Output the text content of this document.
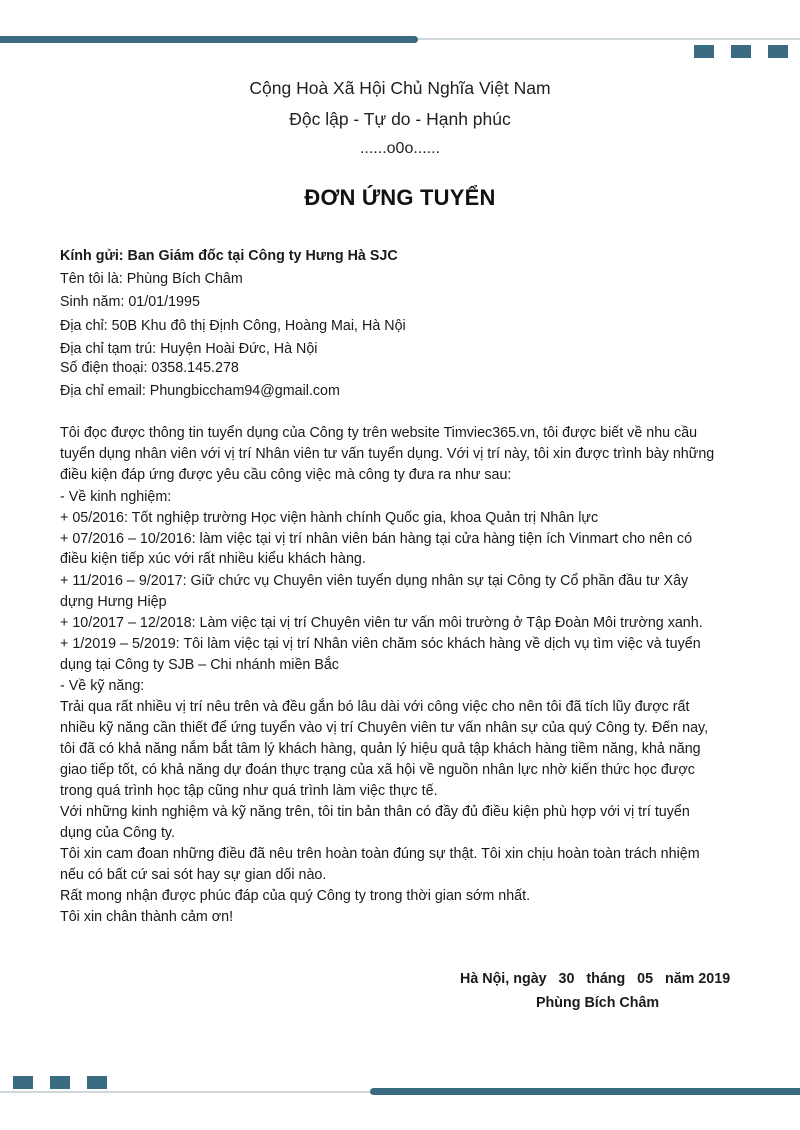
Cộng Hoà Xã Hội Chủ Nghĩa Việt Nam
Độc lập - Tự do - Hạnh phúc
......o0o......
ĐƠN ỨNG TUYỂN
Kính gửi: Ban Giám đốc tại Công ty Hưng Hà SJC
Tên tôi là: Phùng Bích Châm
Sinh năm: 01/01/1995
Địa chỉ: 50B Khu đô thị Định Công, Hoàng Mai, Hà Nội
Địa chỉ tạm trú: Huyện Hoài Đức, Hà Nội
Số điện thoại: 0358.145.278
Địa chỉ email: Phungbiccham94@gmail.com
Tôi đọc được thông tin tuyển dụng của Công ty trên website Timviec365.vn, tôi được biết về nhu cầu
tuyển dụng nhân viên với vị trí Nhân viên tư vấn tuyển dụng. Với vị trí này, tôi xin được trình bày những
điều kiện đáp ứng được yêu cầu công việc mà công ty đưa ra như sau:
- Về kinh nghiệm:
+ 05/2016: Tốt nghiệp trường Học viện hành chính Quốc gia, khoa Quản trị Nhân lực
+ 07/2016 – 10/2016: làm việc tại vị trí nhân viên bán hàng tại cửa hàng tiện ích Vinmart cho nên có
điều kiện tiếp xúc với rất nhiều kiểu khách hàng.
+ 11/2016 – 9/2017: Giữ chức vụ Chuyên viên tuyển dụng nhân sự tại Công ty Cổ phần đầu tư Xây
dựng Hưng Hiệp
+ 10/2017 – 12/2018: Làm việc tại vị trí Chuyên viên tư vấn môi trường ở Tập Đoàn Môi trường xanh.
+ 1/2019 – 5/2019: Tôi làm việc tại vị trí Nhân viên chăm sóc khách hàng về dịch vụ tìm việc và tuyển
dụng tại Công ty SJB – Chi nhánh miền Bắc
- Về kỹ năng:
Trải qua rất nhiều vị trí nêu trên và đều gắn bó lâu dài với công việc cho nên tôi đã tích lũy được rất
nhiều kỹ năng cần thiết để ứng tuyển vào vị trí Chuyên viên tư vấn nhân sự của quý Công ty. Đến nay,
tôi đã có khả năng nắm bắt tâm lý khách hàng, quản lý hiệu quả tập khách hàng tiềm năng, khả năng
giao tiếp tốt, có khả năng dự đoán thực trạng của xã hội về nguồn nhân lực nhờ kiến thức học được
trong quá trình học tập cũng như quá trình làm việc thực tế.
Với những kinh nghiệm và kỹ năng trên, tôi tin bản thân có đầy đủ điều kiện phù hợp với vị trí tuyển
dụng của Công ty.
Tôi xin cam đoan những điều đã nêu trên hoàn toàn đúng sự thật. Tôi xin chịu hoàn toàn trách nhiệm
nếu có bất cứ sai sót hay sự gian dối nào.
Rất mong nhận được phúc đáp của quý Công ty trong thời gian sớm nhất.
Tôi xin chân thành cảm ơn!
Hà Nội, ngày   30   tháng   05   năm 2019
Phùng Bích Châm
